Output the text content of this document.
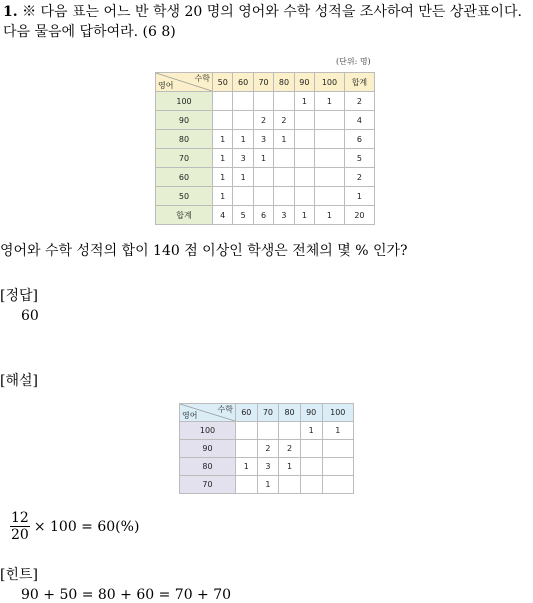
1. ※ 다음 표는 어느 반 학생 20 명의 영어와 수학 성적을 조사하여 만든 상관표이다. 다음 물음에 답하여라. (6 8)
(단위: 명)
수학
영어	50	60	70	80	90	100	합계
100					1	1	2
90			2	2			4
80	1	1	3	1			6
70	1	3	1				5
60	1	1					2
50	1						1
합계	4	5	6	3	1	1	20
영어와 수학 성적의 합이 140 점 이상인 학생은 전체의 몇 % 인가?
[정답]
60
[해설]
수학
영어	60	70	80	90	100
100				1	1
90		2	2		
80	1	3	1		
70		1			
$\frac{12}{20} \times 100 = 60(\%)$
[힌트]
90 + 50 = 80 + 60 = 70 + 70
